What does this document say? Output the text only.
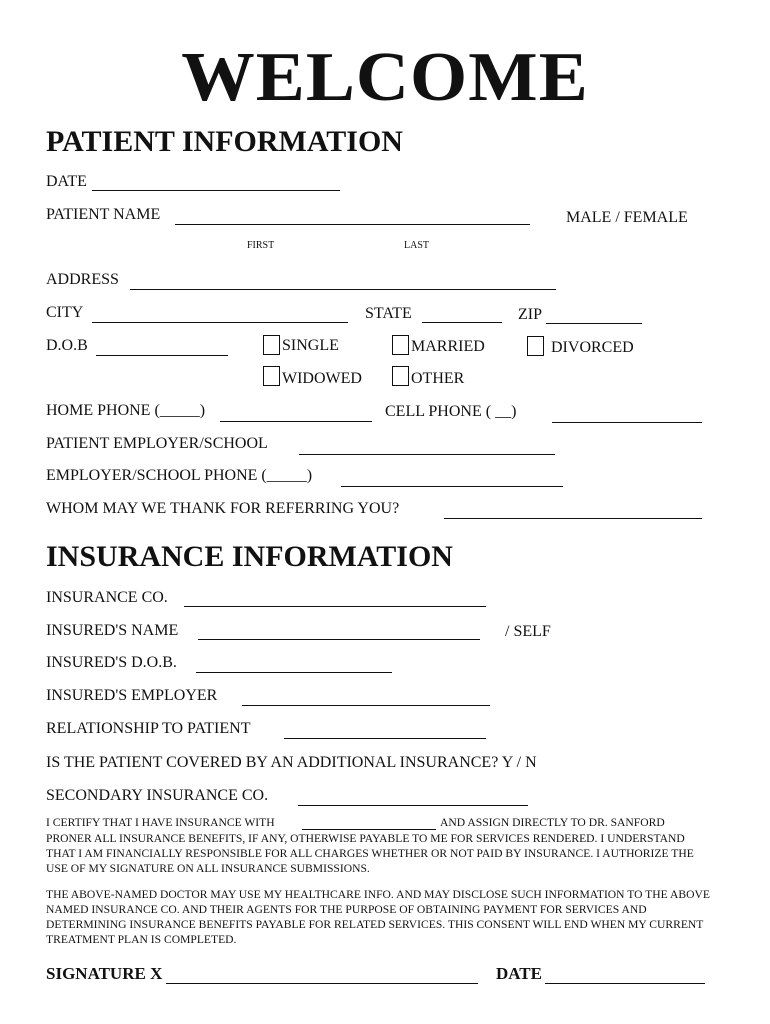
WELCOME
PATIENT INFORMATION
DATE
PATIENT NAME	MALE / FEMALE
FIRST	LAST
ADDRESS
CITY	STATE	ZIP
D.O.B	SINGLE	MARRIED	DIVORCED
WIDOWED	OTHER
HOME PHONE (_____)	CELL PHONE ( __)
PATIENT EMPLOYER/SCHOOL
EMPLOYER/SCHOOL PHONE (_____)
WHOM MAY WE THANK FOR REFERRING YOU?
INSURANCE INFORMATION
INSURANCE CO.
INSURED'S NAME	/ SELF
INSURED'S D.O.B.
INSURED'S EMPLOYER
RELATIONSHIP TO PATIENT
IS THE PATIENT COVERED BY AN ADDITIONAL INSURANCE? Y / N
SECONDARY INSURANCE CO.
I CERTIFY THAT I HAVE INSURANCE WITH	AND ASSIGN DIRECTLY TO DR. SANFORD
PRONER ALL INSURANCE BENEFITS, IF ANY, OTHERWISE PAYABLE TO ME FOR SERVICES RENDERED. I UNDERSTAND THAT I AM FINANCIALLY RESPONSIBLE FOR ALL CHARGES WHETHER OR NOT PAID BY INSURANCE. I AUTHORIZE THE USE OF MY SIGNATURE ON ALL INSURANCE SUBMISSIONS.
THE ABOVE-NAMED DOCTOR MAY USE MY HEALTHCARE INFO. AND MAY DISCLOSE SUCH INFORMATION TO THE ABOVE NAMED INSURANCE CO. AND THEIR AGENTS FOR THE PURPOSE OF OBTAINING PAYMENT FOR SERVICES AND DETERMINING INSURANCE BENEFITS PAYABLE FOR RELATED SERVICES. THIS CONSENT WILL END WHEN MY CURRENT TREATMENT PLAN IS COMPLETED.
SIGNATURE X	DATE
